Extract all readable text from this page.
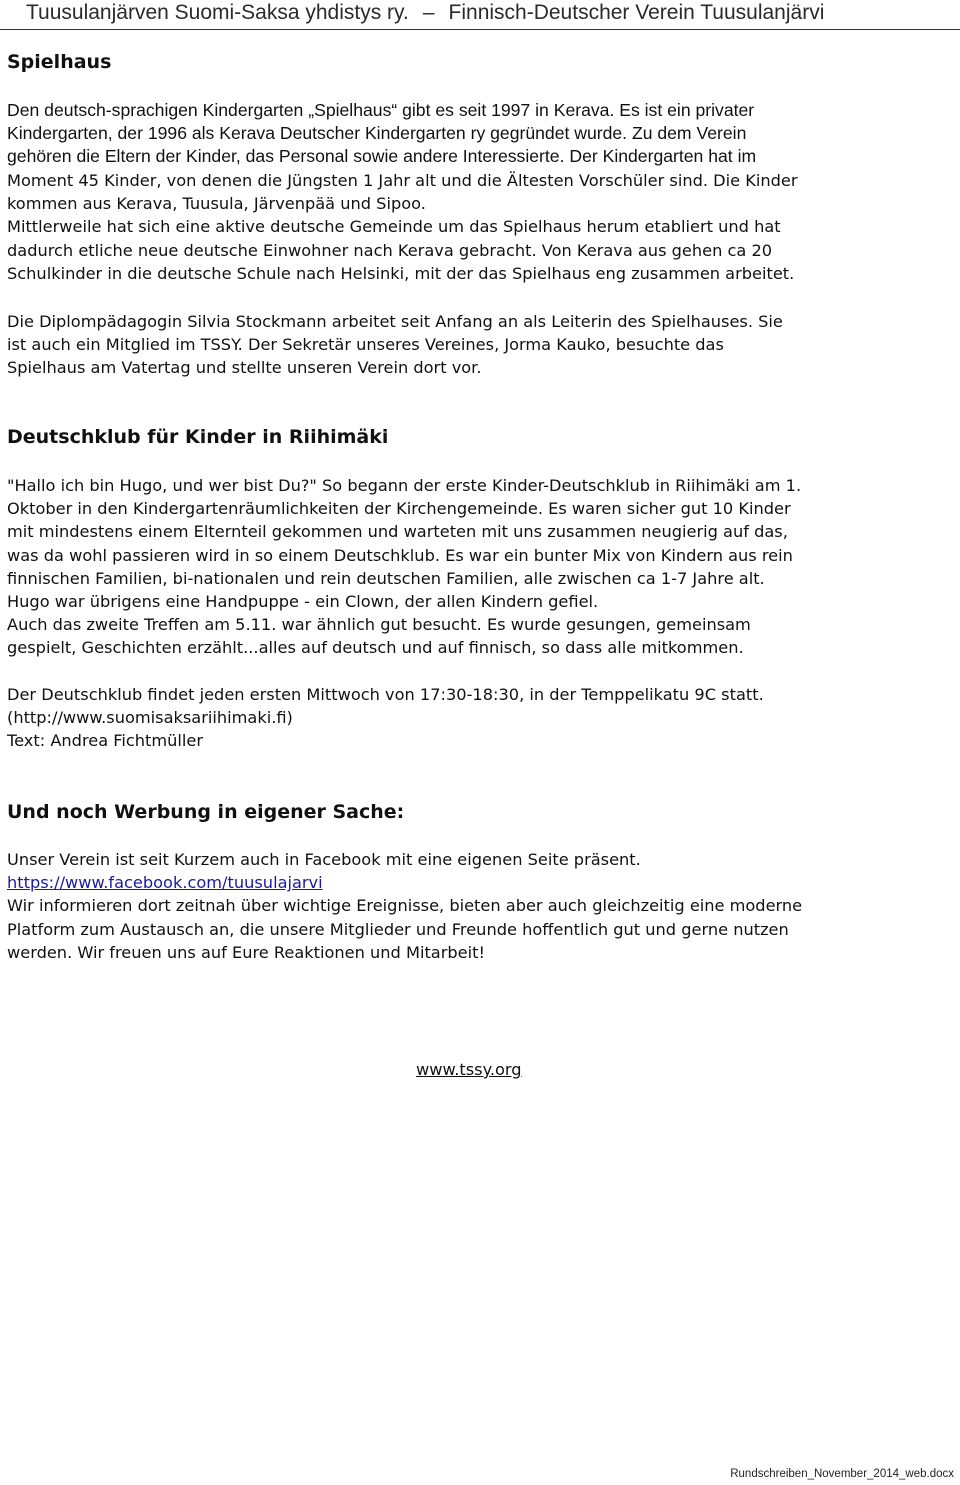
Tuusulanjärven Suomi-Saksa yhdistys ry. – Finnisch-Deutscher Verein Tuusulanjärvi
Spielhaus
Den deutsch-sprachigen Kindergarten „Spielhaus“ gibt es seit 1997 in Kerava. Es ist ein privater
Kindergarten, der 1996 als Kerava Deutscher Kindergarten ry gegründet wurde. Zu dem Verein
gehören die Eltern der Kinder, das Personal sowie andere Interessierte. Der Kindergarten hat im
Moment 45 Kinder, von denen die Jüngsten 1 Jahr alt und die Ältesten Vorschüler sind. Die Kinder
kommen aus Kerava, Tuusula, Järvenpää und Sipoo.
Mittlerweile hat sich eine aktive deutsche Gemeinde um das Spielhaus herum etabliert und hat
dadurch etliche neue deutsche Einwohner nach Kerava gebracht. Von Kerava aus gehen ca 20
Schulkinder in die deutsche Schule nach Helsinki, mit der das Spielhaus eng zusammen arbeitet.
Die Diplompädagogin Silvia Stockmann arbeitet seit Anfang an als Leiterin des Spielhauses. Sie
ist auch ein Mitglied im TSSY. Der Sekretär unseres Vereines, Jorma Kauko, besuchte das
Spielhaus am Vatertag und stellte unseren Verein dort vor.
Deutschklub für Kinder in Riihimäki
"Hallo ich bin Hugo, und wer bist Du?" So begann der erste Kinder-Deutschklub in Riihimäki am 1.
Oktober in den Kindergartenräumlichkeiten der Kirchengemeinde. Es waren sicher gut 10 Kinder
mit mindestens einem Elternteil gekommen und warteten mit uns zusammen neugierig auf das,
was da wohl passieren wird in so einem Deutschklub. Es war ein bunter Mix von Kindern aus rein
finnischen Familien, bi-nationalen und rein deutschen Familien, alle zwischen ca 1-7 Jahre alt.
Hugo war übrigens eine Handpuppe - ein Clown, der allen Kindern gefiel.
Auch das zweite Treffen am 5.11. war ähnlich gut besucht. Es wurde gesungen, gemeinsam
gespielt, Geschichten erzählt...alles auf deutsch und auf finnisch, so dass alle mitkommen.
Der Deutschklub findet jeden ersten Mittwoch von 17:30-18:30, in der Temppelikatu 9C statt.
(http://www.suomisaksariihimaki.fi)
Text: Andrea Fichtmüller
Und noch Werbung in eigener Sache:
Unser Verein ist seit Kurzem auch in Facebook mit eine eigenen Seite präsent.
https://www.facebook.com/tuusulajarvi
Wir informieren dort zeitnah über wichtige Ereignisse, bieten aber auch gleichzeitig eine moderne
Platform zum Austausch an, die unsere Mitglieder und Freunde hoffentlich gut und gerne nutzen
werden. Wir freuen uns auf Eure Reaktionen und Mitarbeit!
www.tssy.org
Rundschreiben_November_2014_web.docx
